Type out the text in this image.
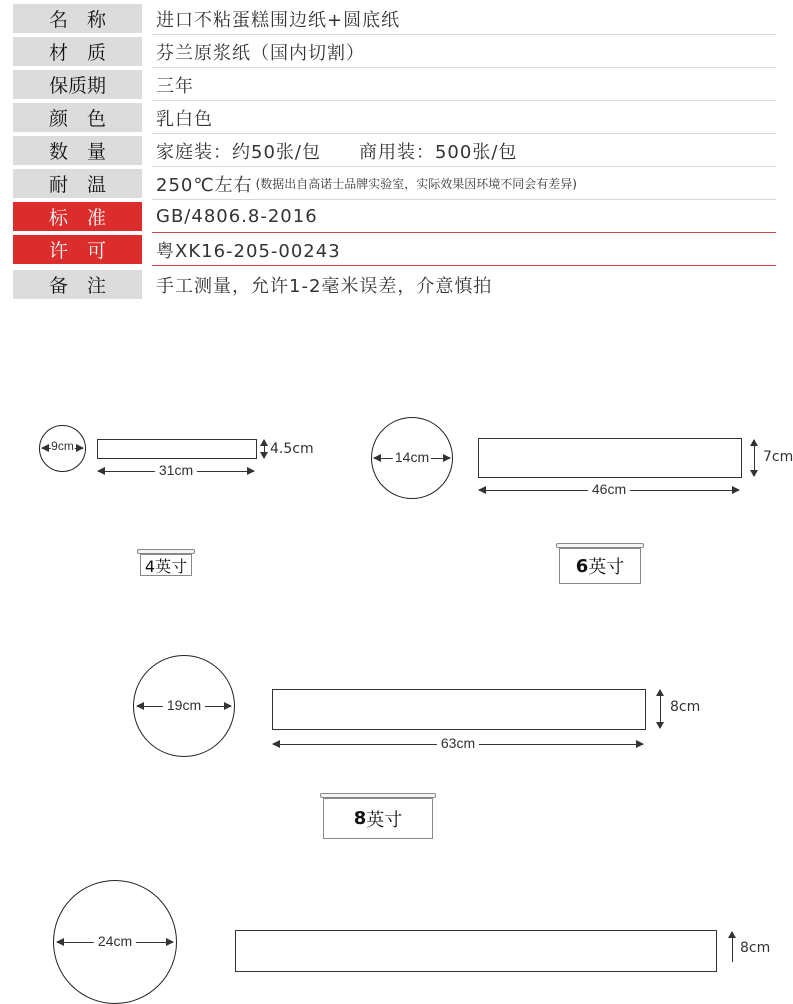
名　称	进口不粘蛋糕围边纸+圆底纸
材　质	芬兰原浆纸（国内切割）
保质期	三年
颜　色	乳白色
数　量	家庭装：约50张/包 商用装：500张/包
耐　温	250℃左右 (数据出自高诺士品牌实验室，实际效果因环境不同会有差异)
标　准	GB/4806.8-2016
许　可	粤XK16-205-00243
备　注	手工测量，允许1-2毫米误差，介意慎拍
9cm	4.5cm
31cm
4英寸
14cm	7cm
46cm
6 英寸
19cm	8cm
63cm
8 英寸
24cm	8cm
